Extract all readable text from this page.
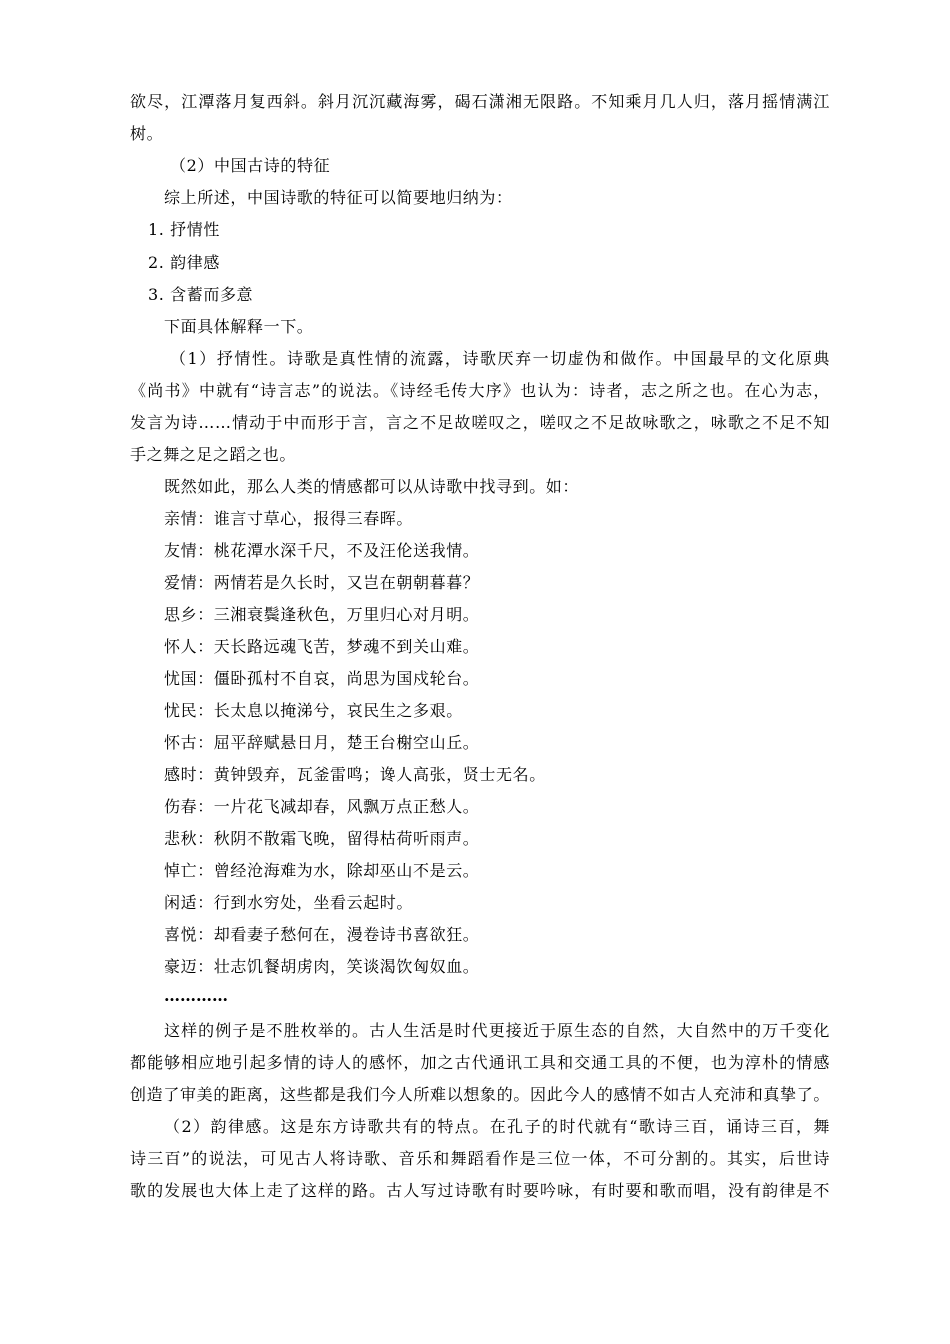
欲尽，江潭落月复西斜。斜月沉沉藏海雾，碣石潇湘无限路。不知乘月几人归，落月摇情满江
树。
（2）中国古诗的特征
综上所述，中国诗歌的特征可以简要地归纳为：
1. 抒情性
2. 韵律感
3. 含蓄而多意
下面具体解释一下。
（1）抒情性。诗歌是真性情的流露，诗歌厌弃一切虚伪和做作。中国最早的文化原典
《尚书》中就有“诗言志”的说法。《诗经毛传大序》也认为：诗者，志之所之也。在心为志，
发言为诗……情动于中而形于言，言之不足故嗟叹之，嗟叹之不足故咏歌之，咏歌之不足不知
手之舞之足之蹈之也。
既然如此，那么人类的情感都可以从诗歌中找寻到。如：
亲情：谁言寸草心，报得三春晖。
友情：桃花潭水深千尺，不及汪伦送我情。
爱情：两情若是久长时，又岂在朝朝暮暮？
思乡：三湘衰鬓逢秋色，万里归心对月明。
怀人：天长路远魂飞苦，梦魂不到关山难。
忧国：僵卧孤村不自哀，尚思为国戍轮台。
忧民：长太息以掩涕兮，哀民生之多艰。
怀古：屈平辞赋悬日月，楚王台榭空山丘。
感时：黄钟毁弃，瓦釜雷鸣；谗人高张，贤士无名。
伤春：一片花飞减却春，风飘万点正愁人。
悲秋：秋阴不散霜飞晚，留得枯荷听雨声。
悼亡：曾经沧海难为水，除却巫山不是云。
闲适：行到水穷处，坐看云起时。
喜悦：却看妻子愁何在，漫卷诗书喜欲狂。
豪迈：壮志饥餐胡虏肉，笑谈渴饮匈奴血。
…………
这样的例子是不胜枚举的。古人生活是时代更接近于原生态的自然，大自然中的万千变化
都能够相应地引起多情的诗人的感怀，加之古代通讯工具和交通工具的不便，也为淳朴的情感
创造了审美的距离，这些都是我们今人所难以想象的。因此今人的感情不如古人充沛和真挚了。
（2）韵律感。这是东方诗歌共有的特点。在孔子的时代就有“歌诗三百，诵诗三百，舞
诗三百”的说法，可见古人将诗歌、音乐和舞蹈看作是三位一体，不可分割的。其实，后世诗
歌的发展也大体上走了这样的路。古人写过诗歌有时要吟咏，有时要和歌而唱，没有韵律是不
